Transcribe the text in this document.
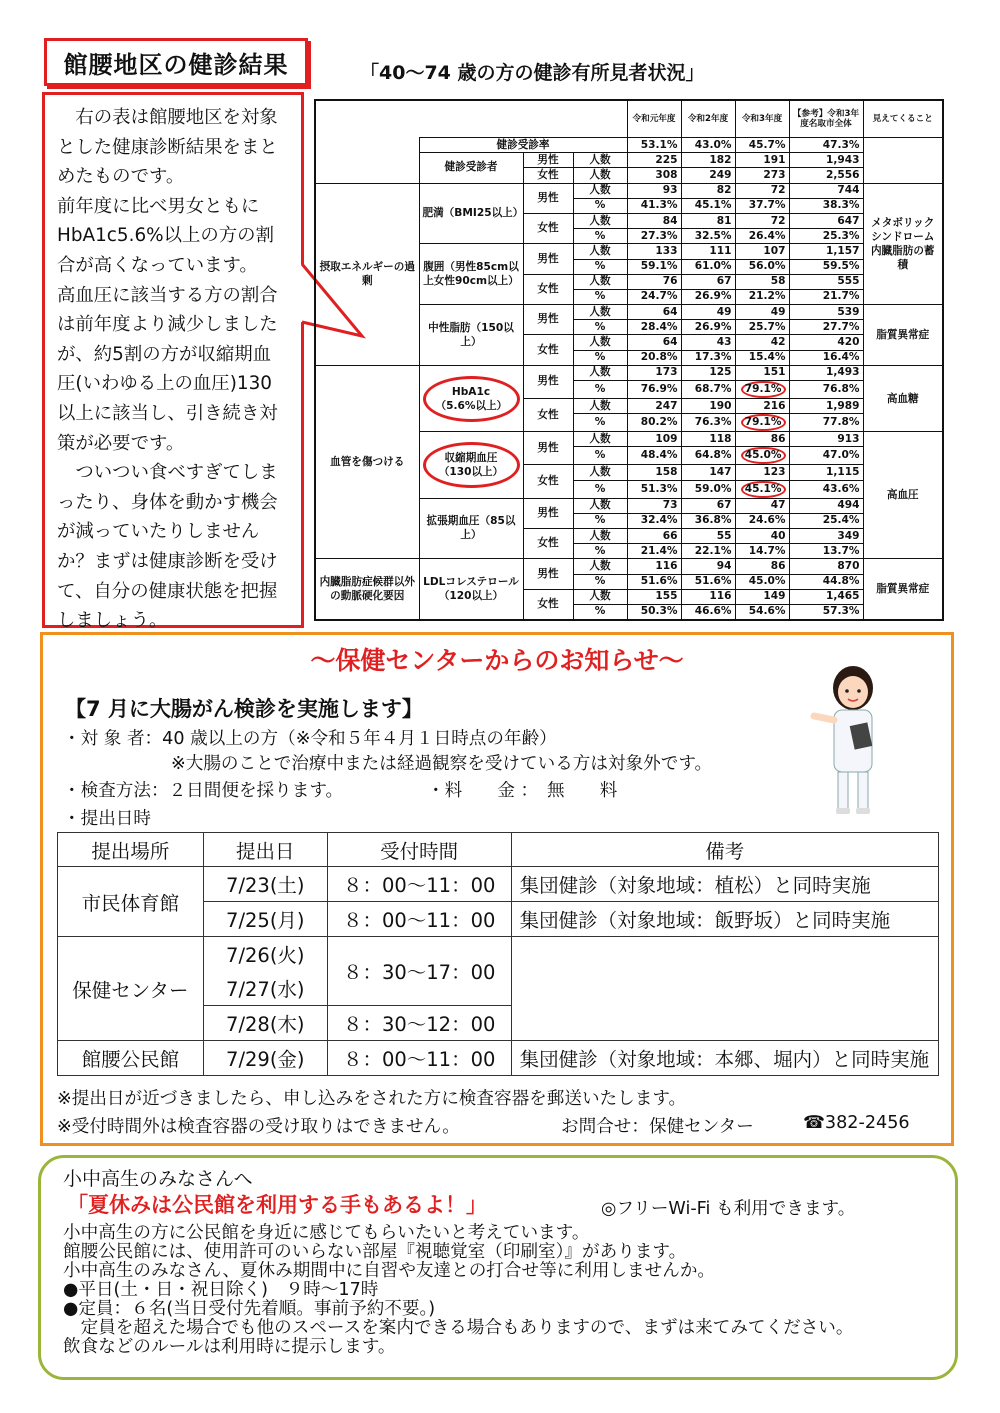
館腰地区の健診結果	「40～74 歳の方の健診有所見者状況」

　右の表は館腰地区を対象とした健康診断結果をまとめたものです。

前年度に比べ男女ともにHbA1c5.6%以上の方の割合が高くなっています。

高血圧に該当する方の割合は前年度より減少しましたが、約5割の方が収縮期血圧(いわゆる上の血圧)130 以上に該当し、引き続き対策が必要です。

　ついつい食べすぎてしまったり、身体を動かす機会が減っていたりしませんか？まずは健康診断を受けて、自分の健康状態を把握しましょう。

				令和元年度	令和2年度	令和3年度	【参考】令和3年度名取市全体	見えてくること
	健診受診率			53.1%	43.0%	45.7%	47.3%	
	健診受診者	男性	人数	225	182	191	1,943	
		女性	人数	308	249	273	2,556	
摂取エネルギーの過剰	肥満（BMI25以上）	男性	人数	93	82	72	744	メタボリックシンドローム内臓脂肪の蓄積
			%	41.3%	45.1%	37.7%	38.3%	
		女性	人数	84	81	72	647	
			%	27.3%	32.5%	26.4%	25.3%	
	腹囲（男性85cm以上女性90cm以上）	男性	人数	133	111	107	1,157	
			%	59.1%	61.0%	56.0%	59.5%	
		女性	人数	76	67	58	555	
			%	24.7%	26.9%	21.2%	21.7%	
	中性脂肪（150以上）	男性	人数	64	49	49	539	脂質異常症
			%	28.4%	26.9%	25.7%	27.7%	
		女性	人数	64	43	42	420	
			%	20.8%	17.3%	15.4%	16.4%	
血管を傷つける	HbA1c（5.6%以上）	男性	人数	173	125	151	1,493	高血糖
			%	76.9%	68.7%	79.1%	76.8%	
		女性	人数	247	190	216	1,989	
			%	80.2%	76.3%	79.1%	77.8%	
	収縮期血圧（130以上）	男性	人数	109	118	86	913	高血圧
			%	48.4%	64.8%	45.0%	47.0%	
		女性	人数	158	147	123	1,115	
			%	51.3%	59.0%	45.1%	43.6%	
	拡張期血圧（85以上）	男性	人数	73	67	47	494	
			%	32.4%	36.8%	24.6%	25.4%	
		女性	人数	66	55	40	349	
			%	21.4%	22.1%	14.7%	13.7%	
内臓脂肪症候群以外の動脈硬化要因	LDLコレステロール（120以上）	男性	人数	116	94	86	870	脂質異常症
			%	51.6%	51.6%	45.0%	44.8%	
		女性	人数	155	116	149	1,465	
			%	50.3%	46.6%	54.6%	57.3%	
～保健センターからのお知らせ～
【7 月に大腸がん検診を実施します】
・対 象 者：40 歳以上の方（※令和５年４月１日時点の年齢）
※大腸のことで治療中または経過観察を受けている方は対象外です。
・検査方法：２日間便を採ります。	・料　　金 ：　無　　料
・提出日時
提出場所	提出日	受付時間	備考
市民体育館	7/23(土)	８：00～11：00	集団健診（対象地域：植松）と同時実施
	7/25(月)	８：00～11：00	集団健診（対象地域：飯野坂）と同時実施
保健センター	7/26(火)	８：30～17：00	
	7/27(水)		
	7/28(木)	８：30～12：00	
館腰公民館	7/29(金)	８：00～11：00	集団健診（対象地域：本郷、堀内）と同時実施
※提出日が近づきましたら、申し込みをされた方に検査容器を郵送いたします。
※受付時間外は検査容器の受け取りはできません。	お問合せ：保健センター	☎382-2456
小中高生のみなさんへ
「夏休みは公民館を利用する手もあるよ！」	◎フリーWi-Fi も利用できます。
小中高生の方に公民館を身近に感じてもらいたいと考えています。
館腰公民館には、使用許可のいらない部屋『視聴覚室（印刷室）』があります。
小中高生のみなさん、夏休み期間中に自習や友達との打合せ等に利用しませんか。
●平日(土・日・祝日除く)　９時～17時
●定員：６名(当日受付先着順。事前予約不要。)
　定員を超えた場合でも他のスペースを案内できる場合もありますので、まずは来てみてください。
飲食などのルールは利用時に提示します。
